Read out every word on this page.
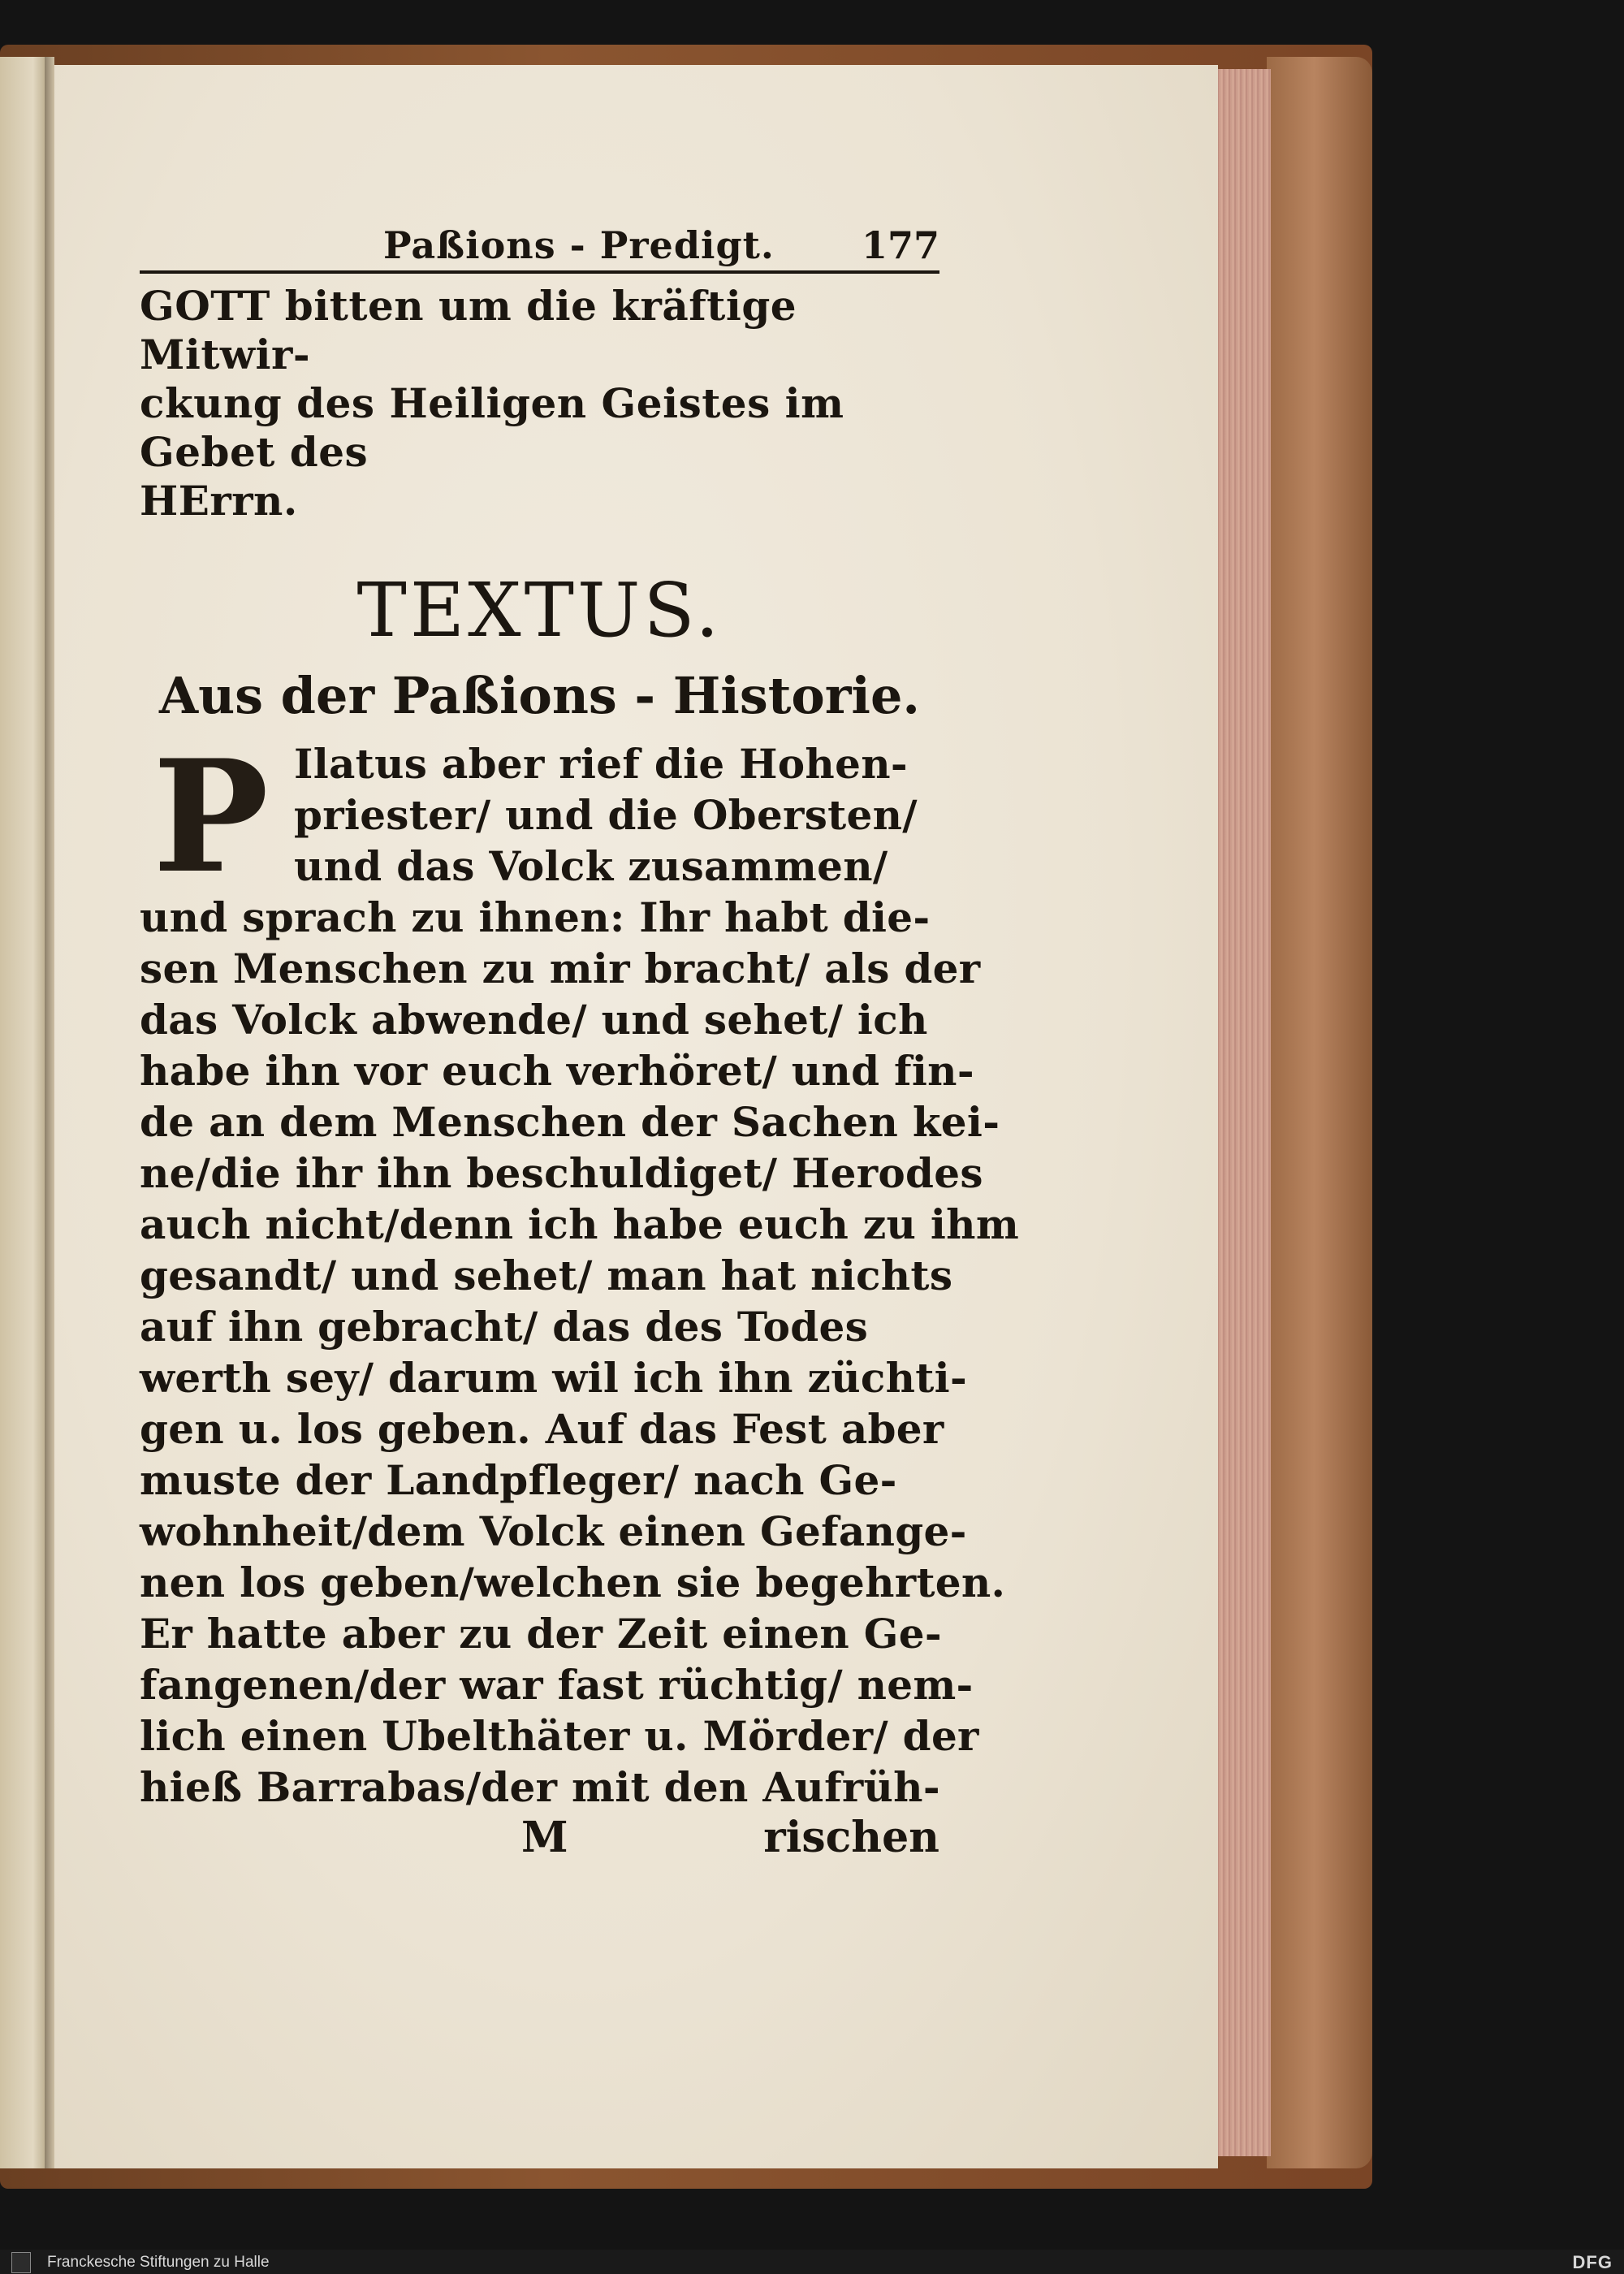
Paßions - Predigt. 177

GOTT bitten um die kräftige Mitwir-
ckung des Heiligen Geistes im Gebet des
HErrn.

TEXTUS.
Aus der Paßions - Historie.
P Ilatus aber rief die Hohen-
priester/ und die Obersten/
und das Volck zusammen/
und sprach zu ihnen: Ihr habt die-
sen Menschen zu mir bracht/ als der
das Volck abwende/ und sehet/ ich
habe ihn vor euch verhöret/ und fin-
de an dem Menschen der Sachen kei-
ne/die ihr ihn beschuldiget/ Herodes
auch nicht/denn ich habe euch zu ihm
gesandt/ und sehet/ man hat nichts
auf ihn gebracht/ das des Todes
werth sey/ darum wil ich ihn züchti-
gen u. los geben. Auf das Fest aber
muste der Landpfleger/ nach Ge-
wohnheit/dem Volck einen Gefange-
nen los geben/welchen sie begehrten.
Er hatte aber zu der Zeit einen Ge-
fangenen/der war fast rüchtig/ nem-
lich einen Ubelthäter u. Mörder/ der
hieß Barrabas/der mit den Aufrüh-
M	rischen
Franckesche Stiftungen zu Halle	DFG
